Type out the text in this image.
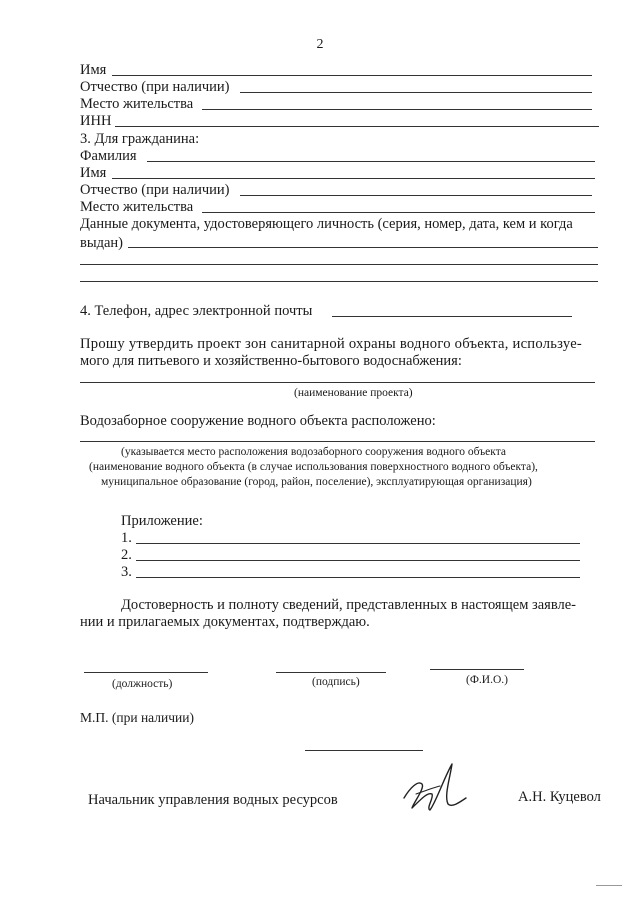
2
Имя
Отчество (при наличии)
Место жительства
ИНН
3. Для гражданина:
Фамилия
Имя
Отчество (при наличии)
Место жительства
Данные документа, удостоверяющего личность (серия, номер, дата, кем и когда
выдан)
4. Телефон, адрес электронной почты
Прошу утвердить проект зон санитарной охраны водного объекта, используе-
мого для питьевого и хозяйственно-бытового водоснабжения:
(наименование проекта)
Водозаборное сооружение водного объекта расположено:
(указывается место расположения водозаборного сооружения водного объекта
(наименование водного объекта (в случае использования поверхностного водного объекта),
муниципальное образование (город, район, поселение), эксплуатирующая организация)
Приложение:
1.
2.
3.
Достоверность и полноту сведений, представленных в настоящем заявле-
нии и прилагаемых документах, подтверждаю.
(должность)	(подпись)	(Ф.И.О.)
М.П. (при наличии)
Начальник управления водных ресурсов	А.Н. Куцевол
